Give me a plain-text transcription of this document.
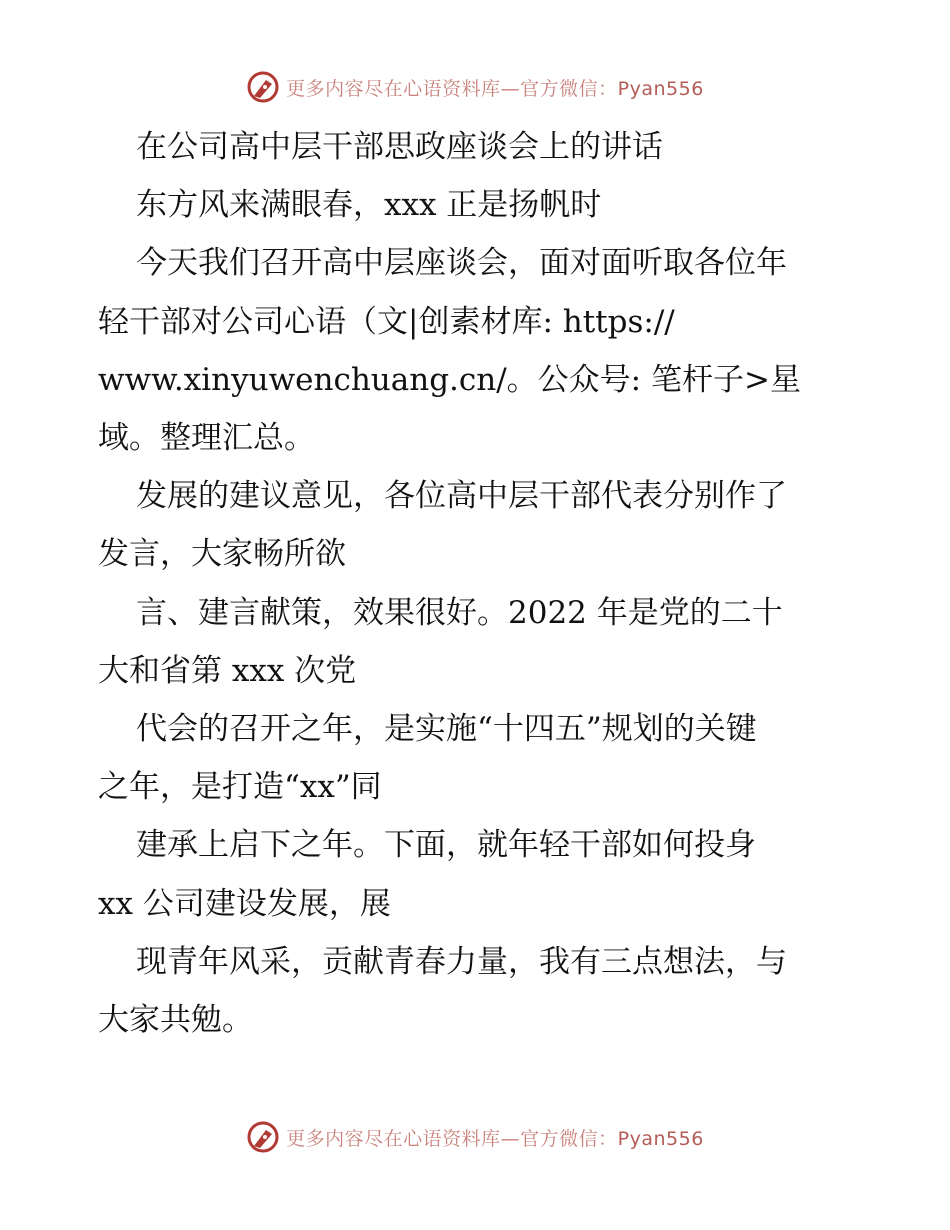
更多内容尽在心语资料库—官方微信：Pyan556

在公司高中层干部思政座谈会上的讲话

东方风来满眼春，xxx 正是扬帆时

今天我们召开高中层座谈会，面对面听取各位年

轻干部对公司心语（文|创素材库: https://

www.xinyuwenchuang.cn/。公众号: 笔杆子>星

域。整理汇总。

发展的建议意见，各位高中层干部代表分别作了

发言，大家畅所欲

言、建言献策，效果很好。2022 年是党的二十

大和省第 xxx 次党

代会的召开之年，是实施“十四五”规划的关键

之年，是打造“xx”同

建承上启下之年。下面，就年轻干部如何投身

xx 公司建设发展，展

现青年风采，贡献青春力量，我有三点想法，与

大家共勉。

更多内容尽在心语资料库—官方微信：Pyan556
